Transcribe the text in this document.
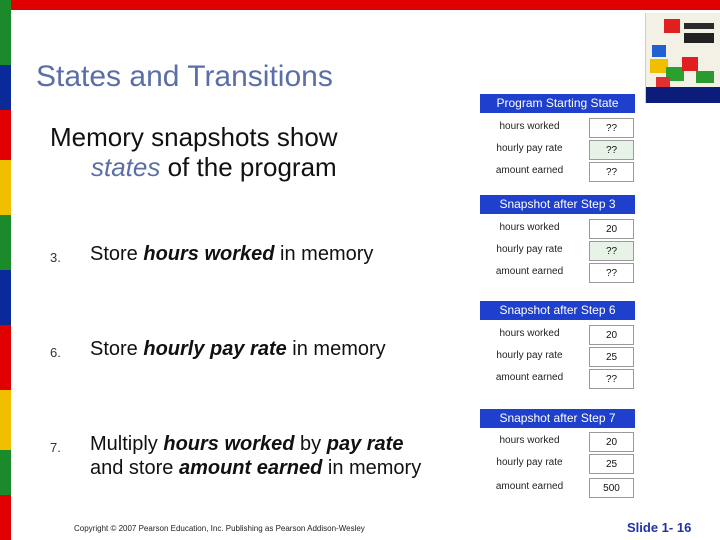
States and Transitions
Memory snapshots show
states of the program
3. Store hours worked in memory
6. Store hourly pay rate in memory
7. Multiply hours worked by pay rate
and store amount earned in memory
Program Starting State
hours worked	??
hourly pay rate	??
amount earned	??
Snapshot after Step 3
hours worked	20
hourly pay rate	??
amount earned	??
Snapshot after Step 6
hours worked	20
hourly pay rate	25
amount earned	??
Snapshot after Step 7
hours worked	20
hourly pay rate	25
amount earned	500
Copyright © 2007 Pearson Education, Inc. Publishing as Pearson Addison-Wesley	Slide 1- 16
